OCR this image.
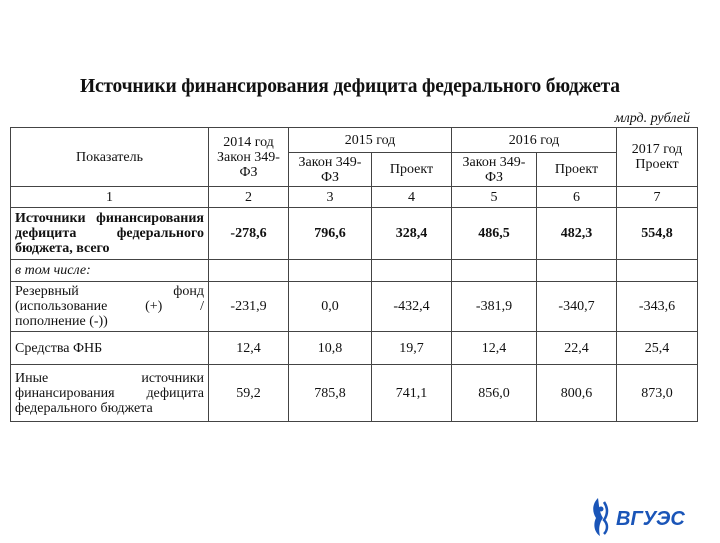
Источники финансирования дефицита федерального бюджета
млрд. рублей
Показатель	2014 год Закон 349-ФЗ	2015 год		2016 год		2017 год Проект
		Закон 349-ФЗ	Проект	Закон 349-ФЗ	Проект	
1	2	3	4	5	6	7
Источники финансирования дефицита федерального бюджета, всего	-278,6	796,6	328,4	486,5	482,3	554,8
в том числе:						
Резервный фонд (использование (+) / пополнение (-))	-231,9	0,0	-432,4	-381,9	-340,7	-343,6
Средства ФНБ	12,4	10,8	19,7	12,4	22,4	25,4
Иные источники финансирования дефицита федерального бюджета	59,2	785,8	741,1	856,0	800,6	873,0
ВГУЭС
